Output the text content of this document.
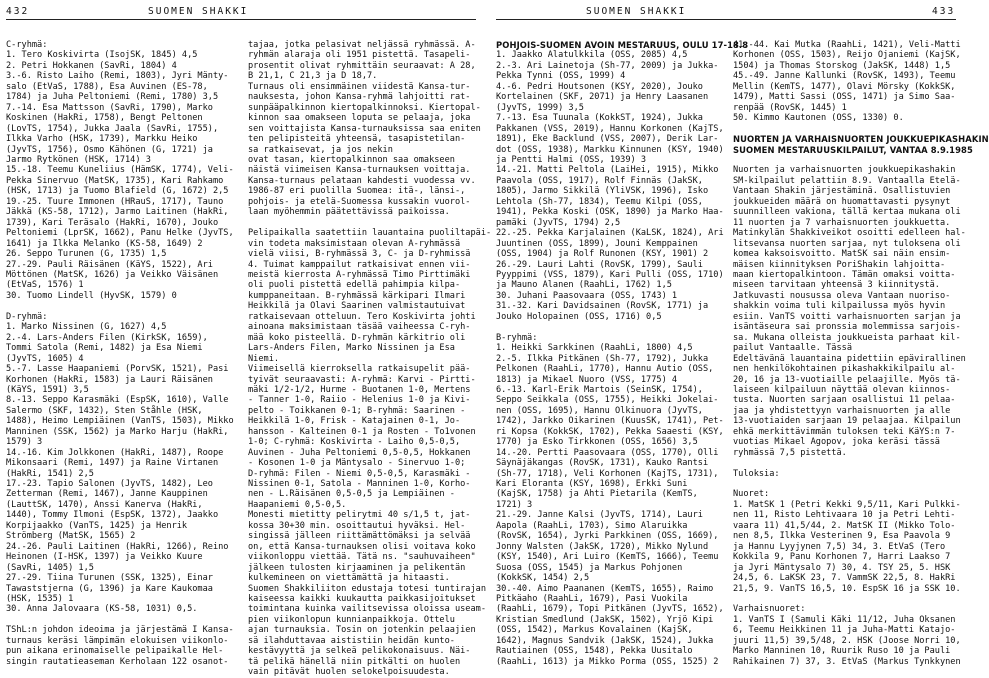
432	SUOMEN SHAKKI	SUOMEN SHAKKI	433
C-ryhmä:
1. Tero Koskivirta (IsojSK, 1845) 4,5
2. Petri Hokkanen (SavRi, 1804) 4
3.-6. Risto Laiho (Remi, 1803), Jyri Mänty-
salo (EtVaS, 1788), Esa Auvinen (ES-78,
1784) ja Juha Peltoniemi (Remi, 1780) 3,5
7.-14. Esa Mattsson (SavRi, 1790), Marko
Koskinen (HakRi, 1758), Bengt Peltonen
(LovTS, 1754), Jukka Jaala (SavRi, 1755),
Ilkka Varho (HSK, 1739), Markku Heiko
(JyvTS, 1756), Osmo Kähönen (G, 1721) ja
Jarmo Rytkönen (HSK, 1714) 3
15.-18. Teemu Kuneliius (HämSK, 1774), Veli-
Pekka Sinervuo (MatSK, 1735), Kari Rahkamo
(HSK, 1713) ja Tuomo Blafield (G, 1672) 2,5
19.-25. Tuure Immonen (HRauS, 1717), Tauno
Jäkkä (KS-58, 1712), Jarmo Laitinen (HakRi,
1739), Kari Teräsalo (HakRi, 1670), Jouko
Peltoniemi (LprSK, 1662), Panu Helke (JyvTS,
1641) ja Ilkka Melanko (KS-58, 1649) 2
26. Seppo Turunen (G, 1735) 1,5
27.-29. Pauli Räisänen (KäYS, 1522), Ari
Möttönen (MatSK, 1626) ja Veikko Väisänen
(EtVaS, 1576) 1
30. Tuomo Lindell (HyvSK, 1579) 0

D-ryhmä:
1. Marko Nissinen (G, 1627) 4,5
2.-4. Lars-Anders Filen (KirkSK, 1659),
Tommi Satola (Remi, 1482) ja Esa Niemi
(JyvTS, 1605) 4
5.-7. Lasse Haapaniemi (PorvSK, 1521), Pasi
Korhonen (HakRi, 1583) ja Lauri Räisänen
(KäYS, 1591) 3,5
8.-13. Seppo Karasmäki (EspSK, 1610), Valle
Salermo (SKF, 1432), Sten Ståhle (HSK,
1488), Heimo Lempiäinen (VanTS, 1503), Mikko
Manninen (SSK, 1562) ja Marko Harju (HakRi,
1579) 3
14.-16. Kim Jolkkonen (HakRi, 1487), Roope
Mikonsaari (Remi, 1497) ja Raine Virtanen
(HakRi, 1541) 2,5
17.-23. Tapio Salonen (JyvTS, 1482), Leo
Zetterman (Remi, 1467), Janne Kauppinen
(LauttSK, 1470), Anssi Kanerva (HakRi,
1440), Tommy Ilmoni (EspSK, 1372), Jaakko
Korpijaakko (VanTS, 1425) ja Henrik
Strömberg (MatSK, 1565) 2
24.-26. Pauli Laitinen (HakRi, 1266), Reino
Heinonen (I-HSK, 1397) ja Veikko Kuure
(SavRi, 1405) 1,5
27.-29. Tiina Turunen (SSK, 1325), Einar
Tawaststjerna (G, 1396) ja Kare Kaukomaa
(HSK, 1535) 1
30. Anna Jalovaara (KS-58, 1031) 0,5.

TShL:n johdon ideoima ja järjestämä I Kansa-
turnaus keräsi lämpimän elokuisen viikonlo-
pun aikana erinomaiselle pelipaikalle Hel-
singin rautatieaseman Kerholaan 122 osanot-
tajaa, jotka pelasivat neljässä ryhmässä. A-
ryhmän alaraja oli 1951 pistettä. Tasapeli-
prosentit olivat ryhmittäin seuraavat: A 28,
B 21,1, C 21,3 ja D 18,7.
Turnaus oli ensimmäinen viidestä Kansa-tur-
nauksesta, johon Kansa-ryhmä lahjoitti rat-
sunpääpalkinnon kiertopalkinnoksi. Kiertopal-
kinnon saa omakseen loputa se pelaaja, joka
sen voittajista Kansa-turnauksissa saa eniten
ten pelipisteitä yhteensä, tasapistetilan-
sa ratkaisevat, ja jos nekin
ovat tasan, kiertopalkinnon saa omakseen
näistä viimeisen Kansa-turnauksen voittaja.
Kansa-turnaus pelataan kahdesti vuodessa vv.
1986-87 eri puolilla Suomea: itä-, länsi-,
pohjois- ja etelä-Suomessa kussakin vuorol-
laan myöhemmin päätettävissä paikoissa.

Pelipaikalla saatettiin lauantaina puoliltapäi-
vin todeta maksimistaan olevan A-ryhmässä
vielä viisi, B-ryhmässä 3, C- ja D-ryhmissä
4. Tuimat kamppailut ratkaisivat ennen vii-
meistä kierrosta A-ryhmässä Timo Pirttimäki
oli puoli pistettä edellä pahimpia kilpa-
kumppaneitaan. B-ryhmässä kärkipari Ilmari
Heikkilä ja Olavi Saarinen valmistautuivat
ratkaisevaan otteluun. Tero Koskivirta johti
ainoana maksimistaan täsää vaiheessa C-ryh-
mää koko pisteellä. D-ryhmän kärkitrio oli
Lars-Anders Filen, Marko Nissinen ja Esa
Niemi.
Viimeisellä kierroksella ratkaisupelit pää-
tyivät seuraavasti: A-ryhmä: Karvi - Pirtti-
mäki 1/2-1/2, Hurme - Buotanen 1-0, Mertens
- Tanner 1-0, Raiio - Helenius 1-0 ja Kivi-
pelto - Toikkanen 0-1; B-ryhmä: Saarinen -
Heikkilä 1-0, Frisk - Katajainen 0-1, Jo-
hansson - Kalteinen 0-1 ja Rosten - To1vonen
1-0; C-ryhmä: Koskivirta - Laiho 0,5-0,5,
Auvinen - Juha Peltoniemi 0,5-0,5, Hokkanen
- Kosonen 1-0 ja Mäntysalo - Sinervuo 1-0;
D-ryhmä: Filen - Niemi 0,5-0,5, Karasmäki -
Nissinen 0-1, Satola - Manninen 1-0, Korho-
nen - L.Räisänen 0,5-0,5 ja Lempiäinen -
Haapaniemi 0,5-0,5.
Monesti mietitty pelirytmi 40 s/1,5 t, jat-
kossa 30+30 min. osoittautui hyväksi. Hel-
singissä jälleen riittämättömäksi ja selvää
on, että Kansa-turnauksen olisi voitava koko
viikonloppu viettää. Tätä ns. "sauhuvaiheen"
jälkeen tulosten kirjaaminen ja pelikentän
kulkemineen on viettämättä ja hitaasti.
Suomen Shakkiliiton edustaja totesi tuntirajan
kaiseessa kaikki kuukautta paikkasijoitukset
toimintana kuinka vailitsevissa oloissa useam-
pien viikonlopun kunnianpaikkoja. Ottelu
ajan turnauksia. Tosin on jotenkin pelaajien
sä ilahduttavaa aististiin heidän kunto-
kestävyyttä ja selkeä pelikokonaisuus. Näi-
tä pelikä hänellä niin pitkälti on huolen
vain pitävät huolen selokelpoisuudesta.
POHJOIS-SUOMEN AVOIN MESTARUUS, OULU 17-18.8
1. Jaakko Alatulkkila (OSS, 2085) 4,5
2.-3. Ari Lainetoja (Sh-77, 2009) ja Jukka-
Pekka Tynni (OSS, 1999) 4
4.-6. Pedri Houtsonen (KSY, 2020), Jouko
Kortelainen (SKF, 2071) ja Henry Laasanen
(JyvTS, 1999) 3,5
7.-13. Esa Tuunala (KokkST, 1924), Jukka
Pakkanen (VSS, 2019), Hannu Korkonen (KajTS,
1891), Eke Backlund (VSS, 2007), Derik Lar-
dot (OSS, 1938), Markku Kinnunen (KSY, 1940)
ja Pentti Halmi (OSS, 1939) 3
14.-21. Matti Peltola (LaiHei, 1915), Mikko
Paavola (OSS, 1917), Rolf Finnäs (JakSK,
1805), Jarmo Sikkilä (YliVSK, 1996), Isko
Lehtola (Sh-77, 1834), Teemu Kilpi (OSS,
1941), Pekka Koski (OSK, 1890) ja Marko Haa-
pamäki (JyvTS, 1794) 2,5
22.-25. Pekka Karjalainen (KaLSK, 1824), Ari
Juuntinen (OSS, 1899), Jouni Kemppainen
(OSS, 1904) ja Rolf Runonen (KSY, 1901) 2
26.-29. Lauri Lahti (RovSK, 1799), Sauli
Pyyppimi (VSS, 1879), Kari Pulli (OSS, 1710)
ja Mauno Alanen (RaahLi, 1762) 1,5
30. Juhani Paasovaara (OSS, 1743) 1
31.-32. Kari Davidsainen (RovSK, 1771) ja
Jouko Holopainen (OSS, 1716) 0,5

B-ryhmä:
1. Heikki Sarkkinen (RaahLi, 1800) 4,5
2.-5. Ilkka Pitkänen (Sh-77, 1792), Jukka
Pelkonen (RaahLi, 1770), Hannu Autio (OSS,
1813) ja Mikael Nuoro (VSS, 1775) 4
6.-13. Karl-Erik Martois (SeinSK, 1754),
Seppo Seikkala (OSS, 1755), Heikki Jokelai-
nen (OSS, 1695), Hannu Olkinuora (JyvTS,
1742), Jarkko Oikarinen (KuusSK, 1741), Pet-
ri Kopsa (KokkSK, 1702), Pekka Saaesti (KSY,
1770) ja Esko Tirkkonen (OSS, 1656) 3,5
14.-20. Pertti Paasovaara (OSS, 1770), Olli
Säynäjäkangas (RovSK, 1731), Kauko Rantsi
(Sh-77, 1718), Veli Korhonen (KajTS, 1731),
Kari Eloranta (KSY, 1698), Erkki Suni
(KajSK, 1758) ja Ahti Pietarila (KemTS,
1721) 3
21.-29. Janne Kalsi (JyvTS, 1714), Lauri
Aapola (RaahLi, 1703), Simo Alaruikka
(RovSK, 1654), Jyrki Parkkinen (OSS, 1669),
Jonny Walsten (JakSK, 1720), Mikko Nylund
(KSY, 1540), Ari Luiro (KemTS, 1666), Teemu
Suosa (OSS, 1545) ja Markus Pohjonen
(KokkSK, 1454) 2,5
30.-40. Aimo Paananen (KemTS, 1655), Raimo
Pitkäaho (RaahLi, 1679), Pasi Vuokila
(RaahLi, 1679), Topi Pitkänen (JyvTS, 1652),
Kristian Smedlund (JakSK, 1502), Yrjö Kipi
(OSS, 1542), Markus Kovalainen (KajSK,
1642), Magnus Sandvik (JakSK, 1524), Jukka
Rautiainen (OSS, 1548), Pekka Uusitalo
(RaahLi, 1613) ja Mikko Porma (OSS, 1525) 2
41.-44. Kai Mutka (RaahLi, 1421), Veli-Matti
Korhonen (OSS, 1503), Reijo Ojaniemi (KajSK,
1504) ja Thomas Storskog (JakSK, 1448) 1,5
45.-49. Janne Kallunki (RovSK, 1493), Teemu
Mellin (KemTS, 1477), Olavi Mörsky (KokkSK,
1479), Matti Sassi (OSS, 1471) ja Simo Saa-
renpää (RovSK, 1445) 1
50. Kimmo Kautonen (OSS, 1330) 0.

NUORTEN JA VARHAISNUORTEN JOUKKUEPIKASHAKIN
SUOMEN MESTARUUSKILPAILUT, VANTAA 8.9.1985

Nuorten ja varhaisnuorten joukkuepikashakin
SM-kilpailut pelattiin 8.9. Vantaalla Etelä-
Vantaan Shakin järjestäminä. Osallistuvien
joukkueiden määrä on huomattavasti pysynyt
suunnilleen vakiona, tällä kertaa mukana oli
11 nuorten ja 7 varhaisnuorten joukkuetta.
Matinkylän Shakkiveikot osoitti edelleen hal-
litsevansa nuorten sarjaa, nyt tuloksena oli
komea kaksoisvoitto. MatSK sai näin ensim-
mäisen kiinnityksen PoriShakin lahjoitta-
maan kiertopalkintoon. Tämän omaksi voitta-
miseen tarvitaan yhteensä 3 kiinnitystä.
Jatkuvasti nousussa oleva Vantaan nuoriso-
shakkin voima tuli kilpailussa myös hyvin
esiin. VanTS voitti varhaisnuorten sarjan ja
isäntäseura sai pronssia molemmissa sarjois-
sa. Mukana olleista joukkueista parhaat kil-
pailut Vantaalle. Tässä
Edeltävänä lauantaina pidettiin epävirallinen
nen henkilökohtainen pikashakkikilpailu al-
20, 16 ja 13-vuotiaille pelaajille. Myös tä-
laiseen kilpailuun näyttää olevan kiinnos-
tusta. Nuorten sarjaan osallistui 11 pelaa-
jaa ja yhdistettyyn varhaisnuorten ja alle
13-vuotiaiden sarjaan 19 pelaajaa. Kilpailun
ehkä merkittävimmän tuloksen teki KäYS:n 7-
vuotias Mikael Agopov, joka keräsi tässä
ryhmässä 7,5 pistettä.

Tuloksia:

Nuoret:
1. MatSK 1 (Petri Kekki 9,5/11, Kari Pulkki-
nen 11, Risto Lehtivaara 10 ja Petri Lehti-
vaara 11) 41,5/44, 2. MatSK II (Mikko Tolo-
nen 8,5, Ilkka Vesterinen 9, Esa Paavola 9
ja Hannu Lyyjynen 7,5) 34, 3. EtVaS (Tero
Kokkila 9, Panu Korhonen 7, Harri Laakso 7
ja Jyri Mäntysalo 7) 30, 4. TSY 25, 5. HSK
24,5, 6. LaKSK 23, 7. VammSK 22,5, 8. HakRi
21,5, 9. VanTS 16,5, 10. EspSK 16 ja SSK 10.

Varhaisnuoret:
1. VanTS I (Samuli Käki 11/12, Juha Oksanen
6, Teemu Heikkinen 11 ja Juha-Matti Katajo-
juuri 11,5) 39,5/48, 2. HSK (Joose Norri 10,
Marko Manninen 10, Ruurik Ruso 10 ja Pauli
Rahikainen 7) 37, 3. EtVaS (Markus Tynkkynen
